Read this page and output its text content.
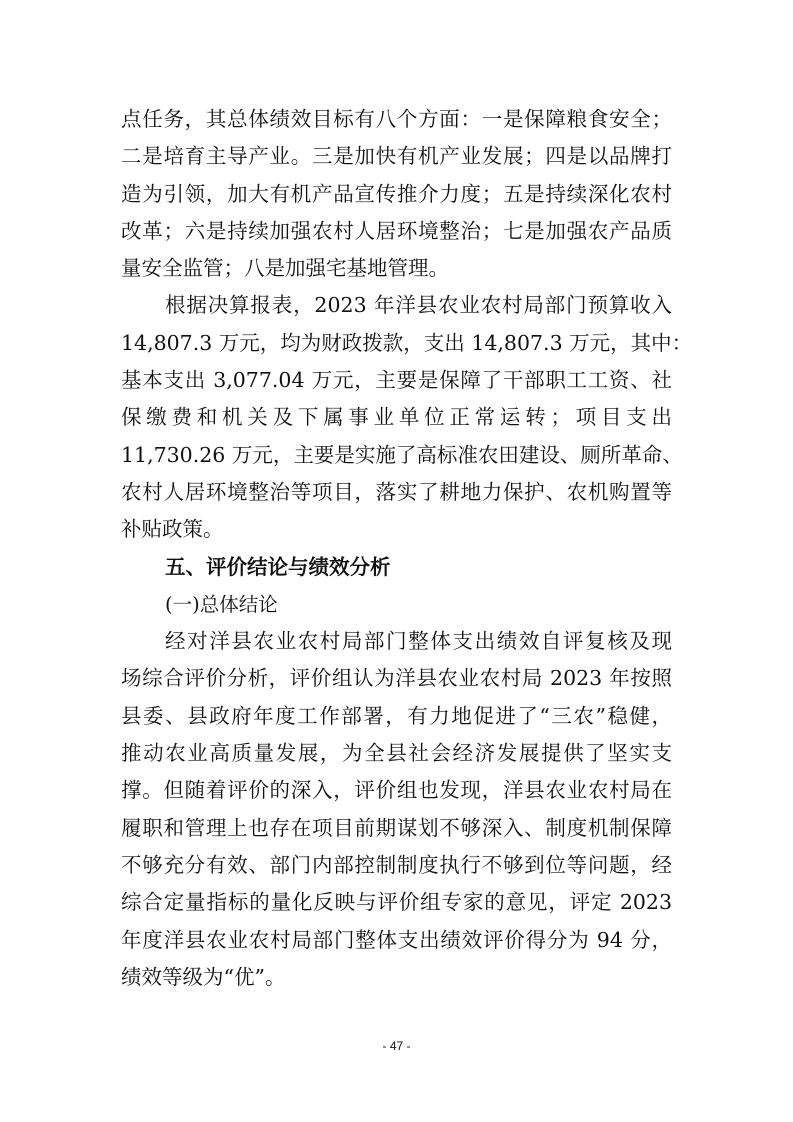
点任务，其总体绩效目标有八个方面：一是保障粮食安全；
二是培育主导产业。三是加快有机产业发展；四是以品牌打
造为引领，加大有机产品宣传推介力度；五是持续深化农村
改革；六是持续加强农村人居环境整治；七是加强农产品质
量安全监管；八是加强宅基地管理。
根据决算报表，2023 年洋县农业农村局部门预算收入
14,807.3 万元，均为财政拨款，支出 14,807.3 万元，其中：
基本支出 3,077.04 万元，主要是保障了干部职工工资、社
保缴费和机关及下属事业单位正常运转；项目支出
11,730.26 万元，主要是实施了高标准农田建设、厕所革命、
农村人居环境整治等项目，落实了耕地力保护、农机购置等
补贴政策。
五、评价结论与绩效分析
(一)总体结论
经对洋县农业农村局部门整体支出绩效自评复核及现
场综合评价分析，评价组认为洋县农业农村局 2023 年按照
县委、县政府年度工作部署，有力地促进了“三农”稳健，
推动农业高质量发展，为全县社会经济发展提供了坚实支
撑。但随着评价的深入，评价组也发现，洋县农业农村局在
履职和管理上也存在项目前期谋划不够深入、制度机制保障
不够充分有效、部门内部控制制度执行不够到位等问题，经
综合定量指标的量化反映与评价组专家的意见，评定 2023
年度洋县农业农村局部门整体支出绩效评价得分为 94 分，
绩效等级为“优”。
- 47 -
